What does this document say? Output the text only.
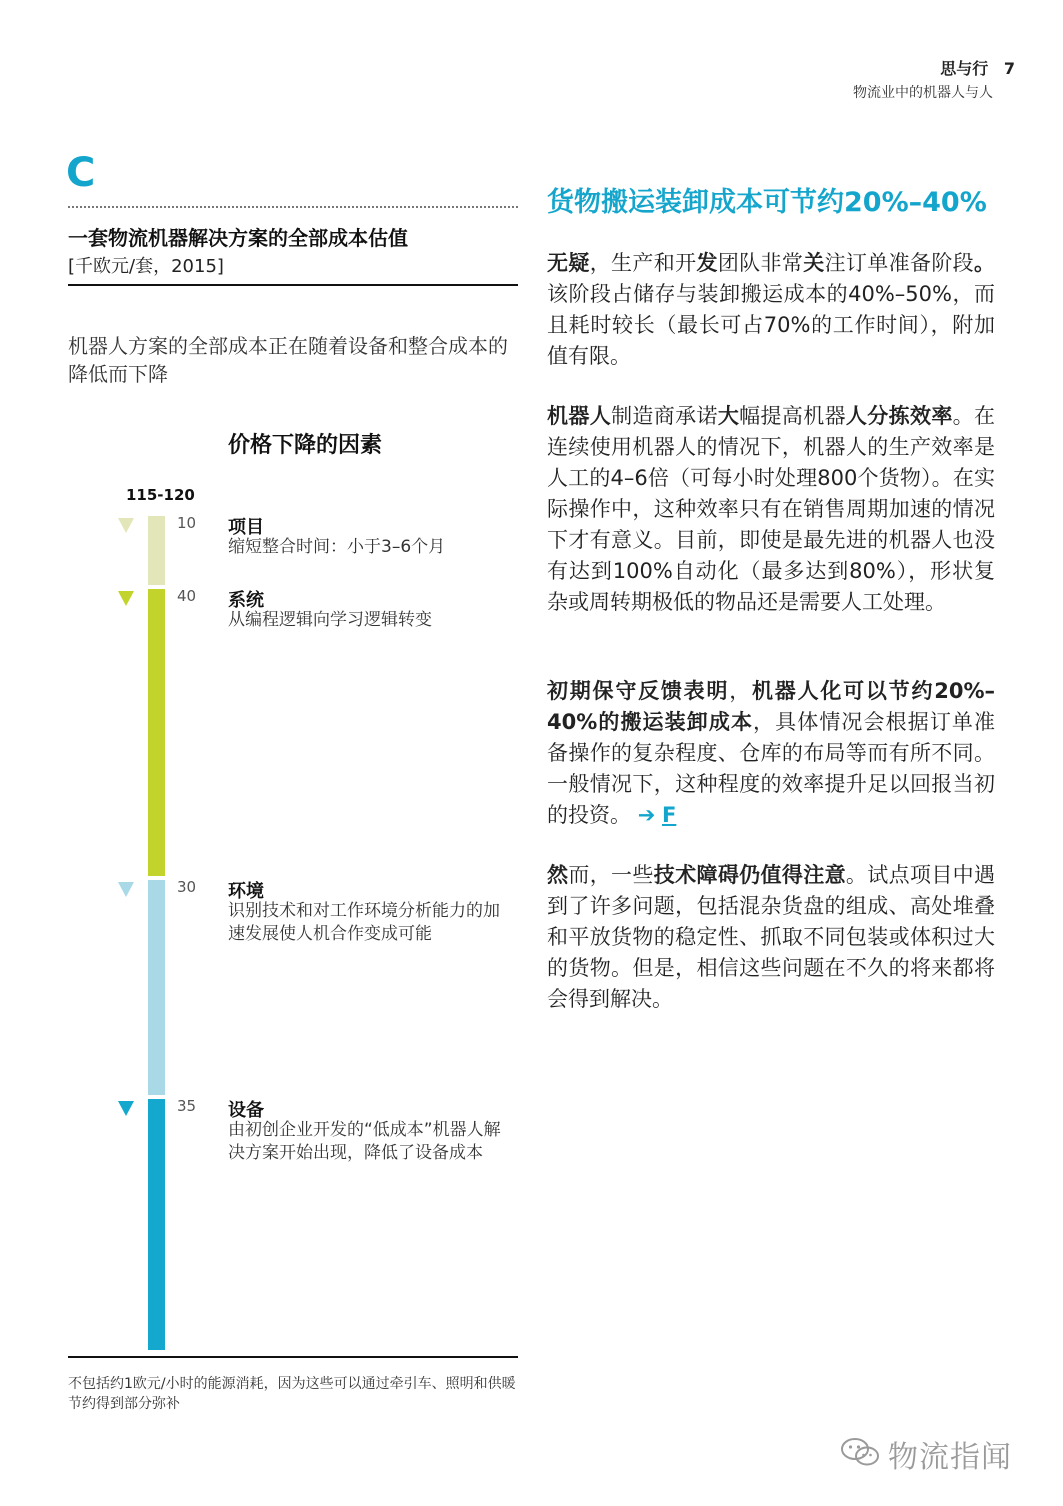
思与行 7
物流业中的机器人与人
C
一套物流机器解决方案的全部成本估值
[千欧元/套，2015]
机器人方案的全部成本正在随着设备和整合成本的降低而下降
价格下降的因素
115-120
10 项目
缩短整合时间：小于3–6个月
40 系统
从编程逻辑向学习逻辑转变
30 环境
识别技术和对工作环境分析能力的加速发展使人机合作变成可能
35 设备
由初创企业开发的“低成本”机器人解决方案开始出现，降低了设备成本
不包括约1欧元/小时的能源消耗，因为这些可以通过牵引车、照明和供暖节约得到部分弥补
货物搬运装卸成本可节约20%–40%

无疑，生产和开发团队非常关注订单准备阶段。该阶段占储存与装卸搬运成本的40%–50%，而且耗时较长（最长可占70%的工作时间），附加值有限。

机器人制造商承诺大幅提高机器人分拣效率。在连续使用机器人的情况下，机器人的生产效率是人工的4–6倍（可每小时处理800个货物）。在实际操作中，这种效率只有在销售周期加速的情况下才有意义。目前，即使是最先进的机器人也没有达到100%自动化（最多达到80%），形状复杂或周转期极低的物品还是需要人工处理。

初期保守反馈表明，机器人化可以节约20%–40%的搬运装卸成本，具体情况会根据订单准备操作的复杂程度、仓库的布局等而有所不同。一般情况下，这种程度的效率提升足以回报当初的投资。 ➔ F

然而，一些技术障碍仍值得注意。试点项目中遇到了许多问题，包括混杂货盘的组成、高处堆叠和平放货物的稳定性、抓取不同包装或体积过大的货物。但是，相信这些问题在不久的将来都将会得到解决。

物流指闻
